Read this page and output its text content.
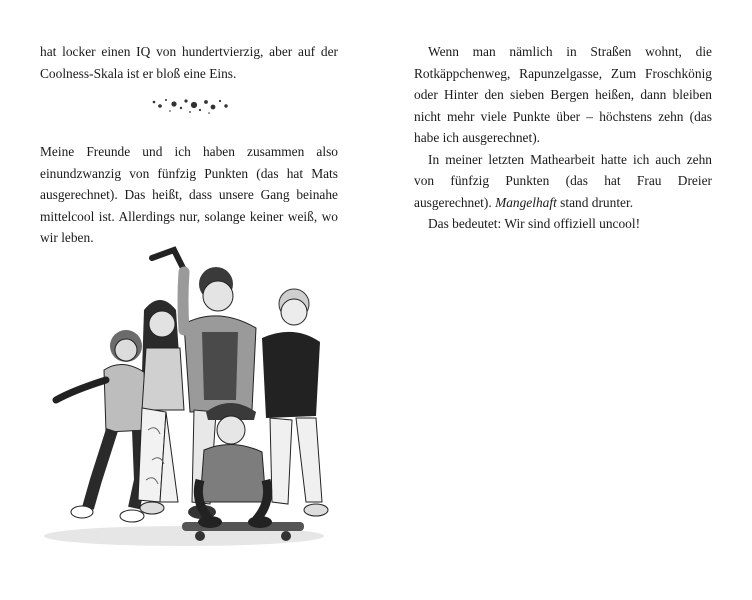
hat locker einen IQ von hundertvierzig, aber auf der Coolness-Skala ist er bloß eine Eins.

Meine Freunde und ich haben zusammen also einundzwanzig von fünfzig Punkten (das hat Mats ausgerechnet). Das heißt, dass unsere Gang beinahe mittelcool ist. Allerdings nur, solange keiner weiß, wo wir leben.

Wenn man nämlich in Straßen wohnt, die Rotkäppchenweg, Rapunzelgasse, Zum Froschkönig oder Hinter den sieben Bergen heißen, dann bleiben nicht mehr viele Punkte über – höchstens zehn (das habe ich ausgerechnet).

In meiner letzten Mathearbeit hatte ich auch zehn von fünfzig Punkten (das hat Frau Dreier ausgerechnet). Mangelhaft stand drunter.

Das bedeutet: Wir sind offiziell uncool!
